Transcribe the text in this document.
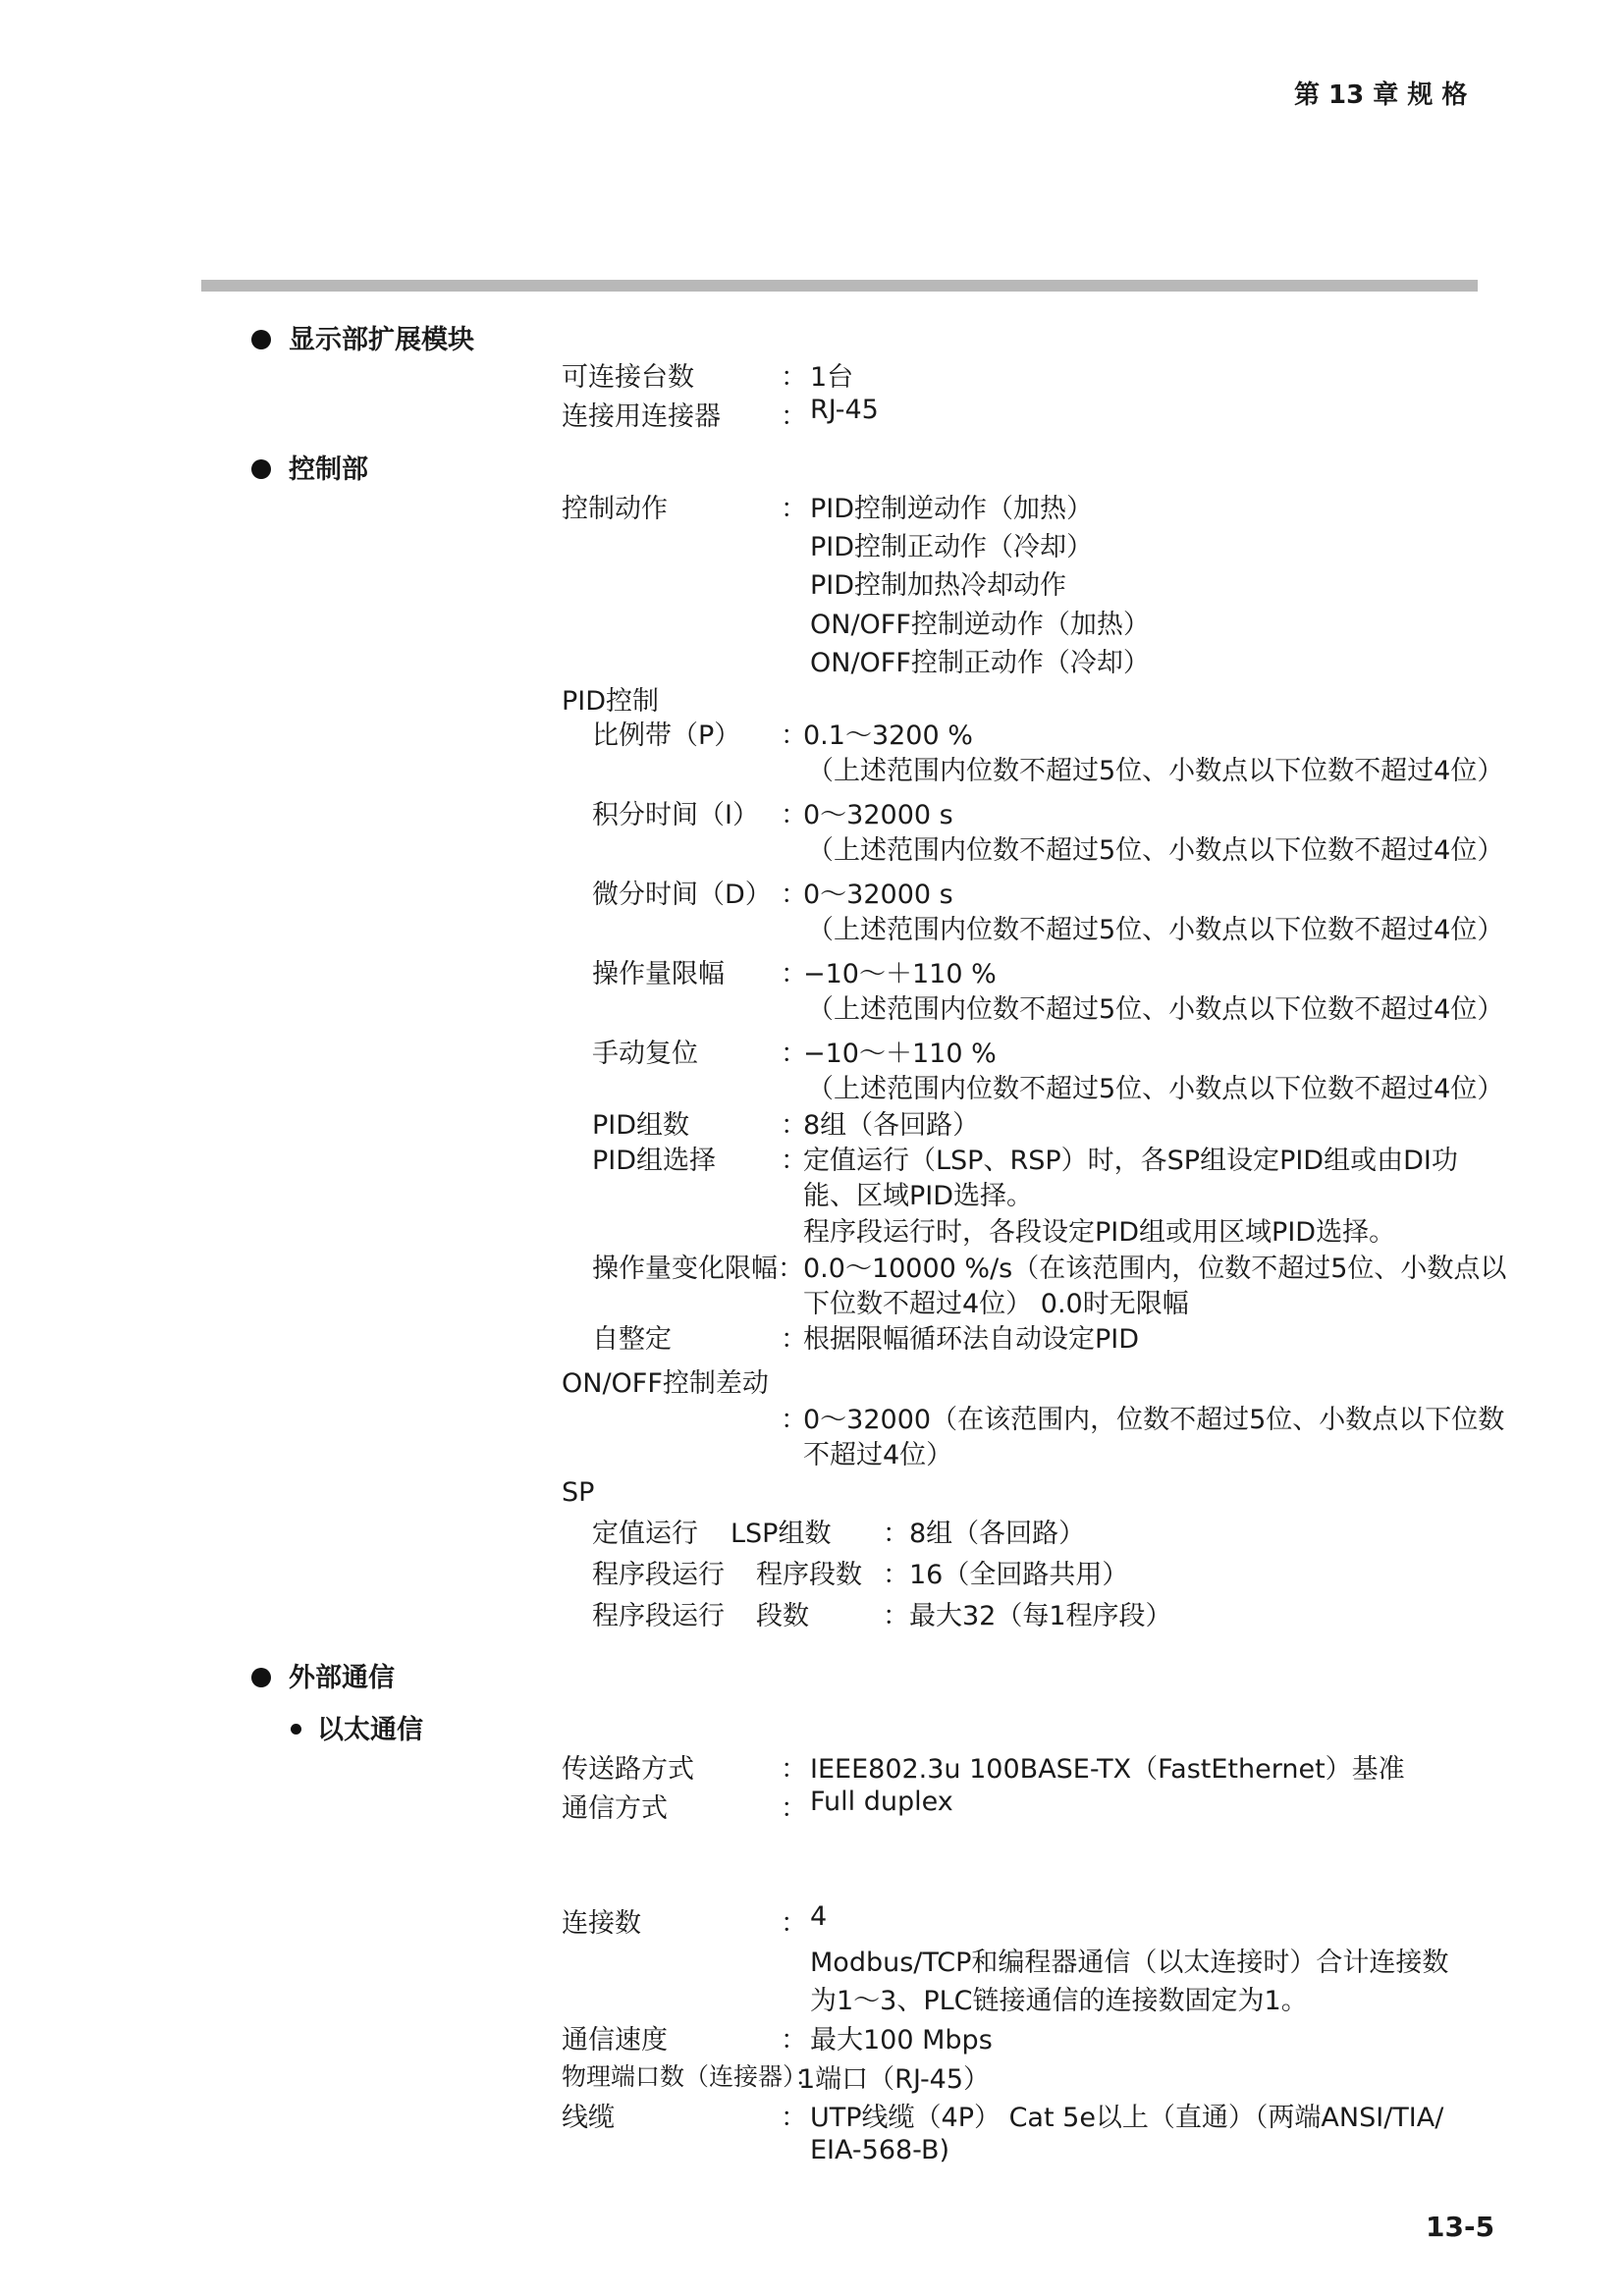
第 13 章 规 格
显示部扩展模块
可连接台数	： 1台
连接用连接器 ： RJ-45
控制部
控制动作	： PID控制逆动作（加热）
PID控制正动作（冷却）
PID控制加热冷却动作
ON/OFF控制逆动作（加热）
ON/OFF控制正动作（冷却）
PID控制
比例带（P） ：
0.1～3200 %
（上述范围内位数不超过5位、小数点以下位数不超过4位）
积分时间（I） ：
0～32000 s
（上述范围内位数不超过5位、小数点以下位数不超过4位）
微分时间（D） ：
0～32000 s
（上述范围内位数不超过5位、小数点以下位数不超过4位）
操作量限幅 ：
−10～＋110 %
（上述范围内位数不超过5位、小数点以下位数不超过4位）
手动复位	：
−10～＋110 %
（上述范围内位数不超过5位、小数点以下位数不超过4位）
PID组数	：
8组（各回路）
PID组选择 ：
定值运行（LSP、RSP）时，各SP组设定PID组或由DI功
能、区域PID选择。
程序段运行时，各段设定PID组或用区域PID选择。
操作量变化限幅： 0.0～10000 %/s（在该范围内，位数不超过5位、小数点以
下位数不超过4位） 0.0时无限幅
自整定	：
根据限幅循环法自动设定PID
ON/OFF控制差动
：
0～32000（在该范围内，位数不超过5位、小数点以下位数
不超过4位）
SP
定值运行 LSP组数 ： 8组（各回路）
程序段运行 程序段数 ： 16（全回路共用）
程序段运行 段数	： 最大32（每1程序段）
外部通信
以太通信
传送路方式	： IEEE802.3u 100BASE-TX（FastEthernet）基准
通信方式	： Full duplex
连接数	： 4
Modbus/TCP和编程器通信（以太连接时）合计连接数
为1～3、PLC链接通信的连接数固定为1。
通信速度	： 最大100 Mbps
物理端口数（连接器）：
1端口（RJ-45）
线缆	： UTP线缆（4P） Cat 5e以上（直通）（两端ANSI/TIA/
EIA-568-B)
13-5
